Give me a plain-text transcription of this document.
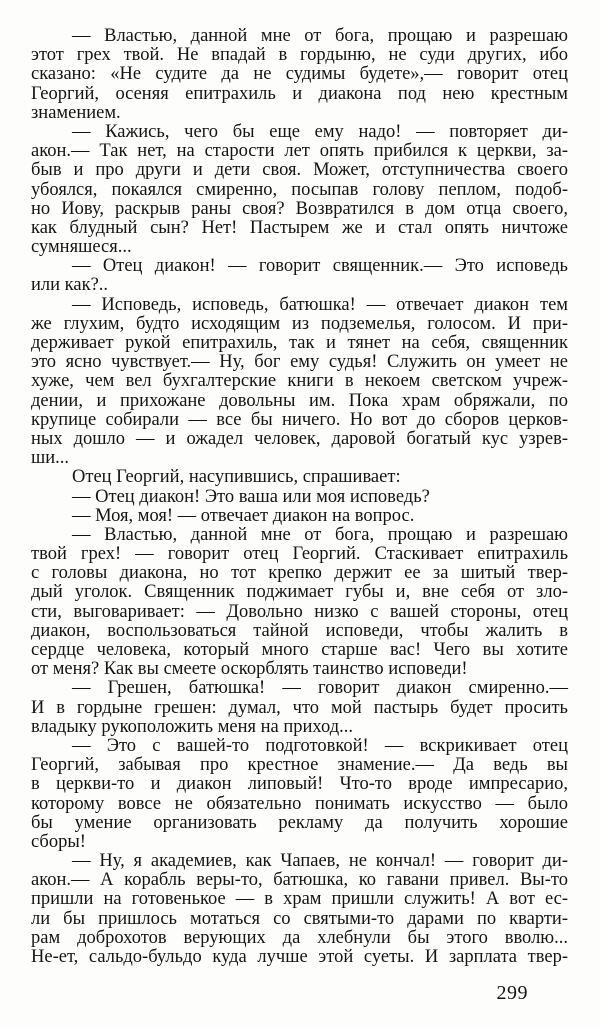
— Властью, данной мне от бога, прощаю и разрешаю
этот грех твой. Не впадай в гордыню, не суди других, ибо
сказано: «Не судите да не судимы будете»,— говорит отец
Георгий, осеняя епитрахиль и диакона под нею крестным
знамением.
— Кажись, чего бы еще ему надо! — повторяет ди-
акон.— Так нет, на старости лет опять прибился к церкви, за-
быв и про други и дети своя. Может, отступничества своего
убоялся, покаялся смиренно, посыпав голову пеплом, подоб-
но Иову, раскрыв раны своя? Возвратился в дом отца своего,
как блудный сын? Нет! Пастырем же и стал опять ничтоже
сумняшеся...
— Отец диакон! — говорит священник.— Это исповедь
или как?..
— Исповедь, исповедь, батюшка! — отвечает диакон тем
же глухим, будто исходящим из подземелья, голосом. И при-
держивает рукой епитрахиль, так и тянет на себя, священник
это ясно чувствует.— Ну, бог ему судья! Служить он умеет не
хуже, чем вел бухгалтерские книги в некоем светском учреж-
дении, и прихожане довольны им. Пока храм обряжали, по
крупице собирали — все бы ничего. Но вот до сборов церков-
ных дошло — и ожадел человек, даровой богатый кус узрев-
ши...
Отец Георгий, насупившись, спрашивает:
— Отец диакон! Это ваша или моя исповедь?
— Моя, моя! — отвечает диакон на вопрос.
— Властью, данной мне от бога, прощаю и разрешаю
твой грех! — говорит отец Георгий. Стаскивает епитрахиль
с головы диакона, но тот крепко держит ее за шитый твер-
дый уголок. Священник поджимает губы и, вне себя от зло-
сти, выговаривает: — Довольно низко с вашей стороны, отец
диакон, воспользоваться тайной исповеди, чтобы жалить в
сердце человека, который много старше вас! Чего вы хотите
от меня? Как вы смеете оскорблять таинство исповеди!
— Грешен, батюшка! — говорит диакон смиренно.—
И в гордыне грешен: думал, что мой пастырь будет просить
владыку рукоположить меня на приход...
— Это с вашей-то подготовкой! — вскрикивает отец
Георгий, забывая про крестное знамение.— Да ведь вы
в церкви-то и диакон липовый! Что-то вроде импресарио,
которому вовсе не обязательно понимать искусство — было
бы умение организовать рекламу да получить хорошие
сборы!
— Ну, я академиев, как Чапаев, не кончал! — говорит ди-
акон.— А корабль веры-то, батюшка, ко гавани привел. Вы-то
пришли на готовенькое — в храм пришли служить! А вот ес-
ли бы пришлось мотаться со святыми-то дарами по кварти-
рам доброхотов верующих да хлебнули бы этого вволю...
Не-ет, сальдо-бульдо куда лучше этой суеты. И зарплата твер-
299
